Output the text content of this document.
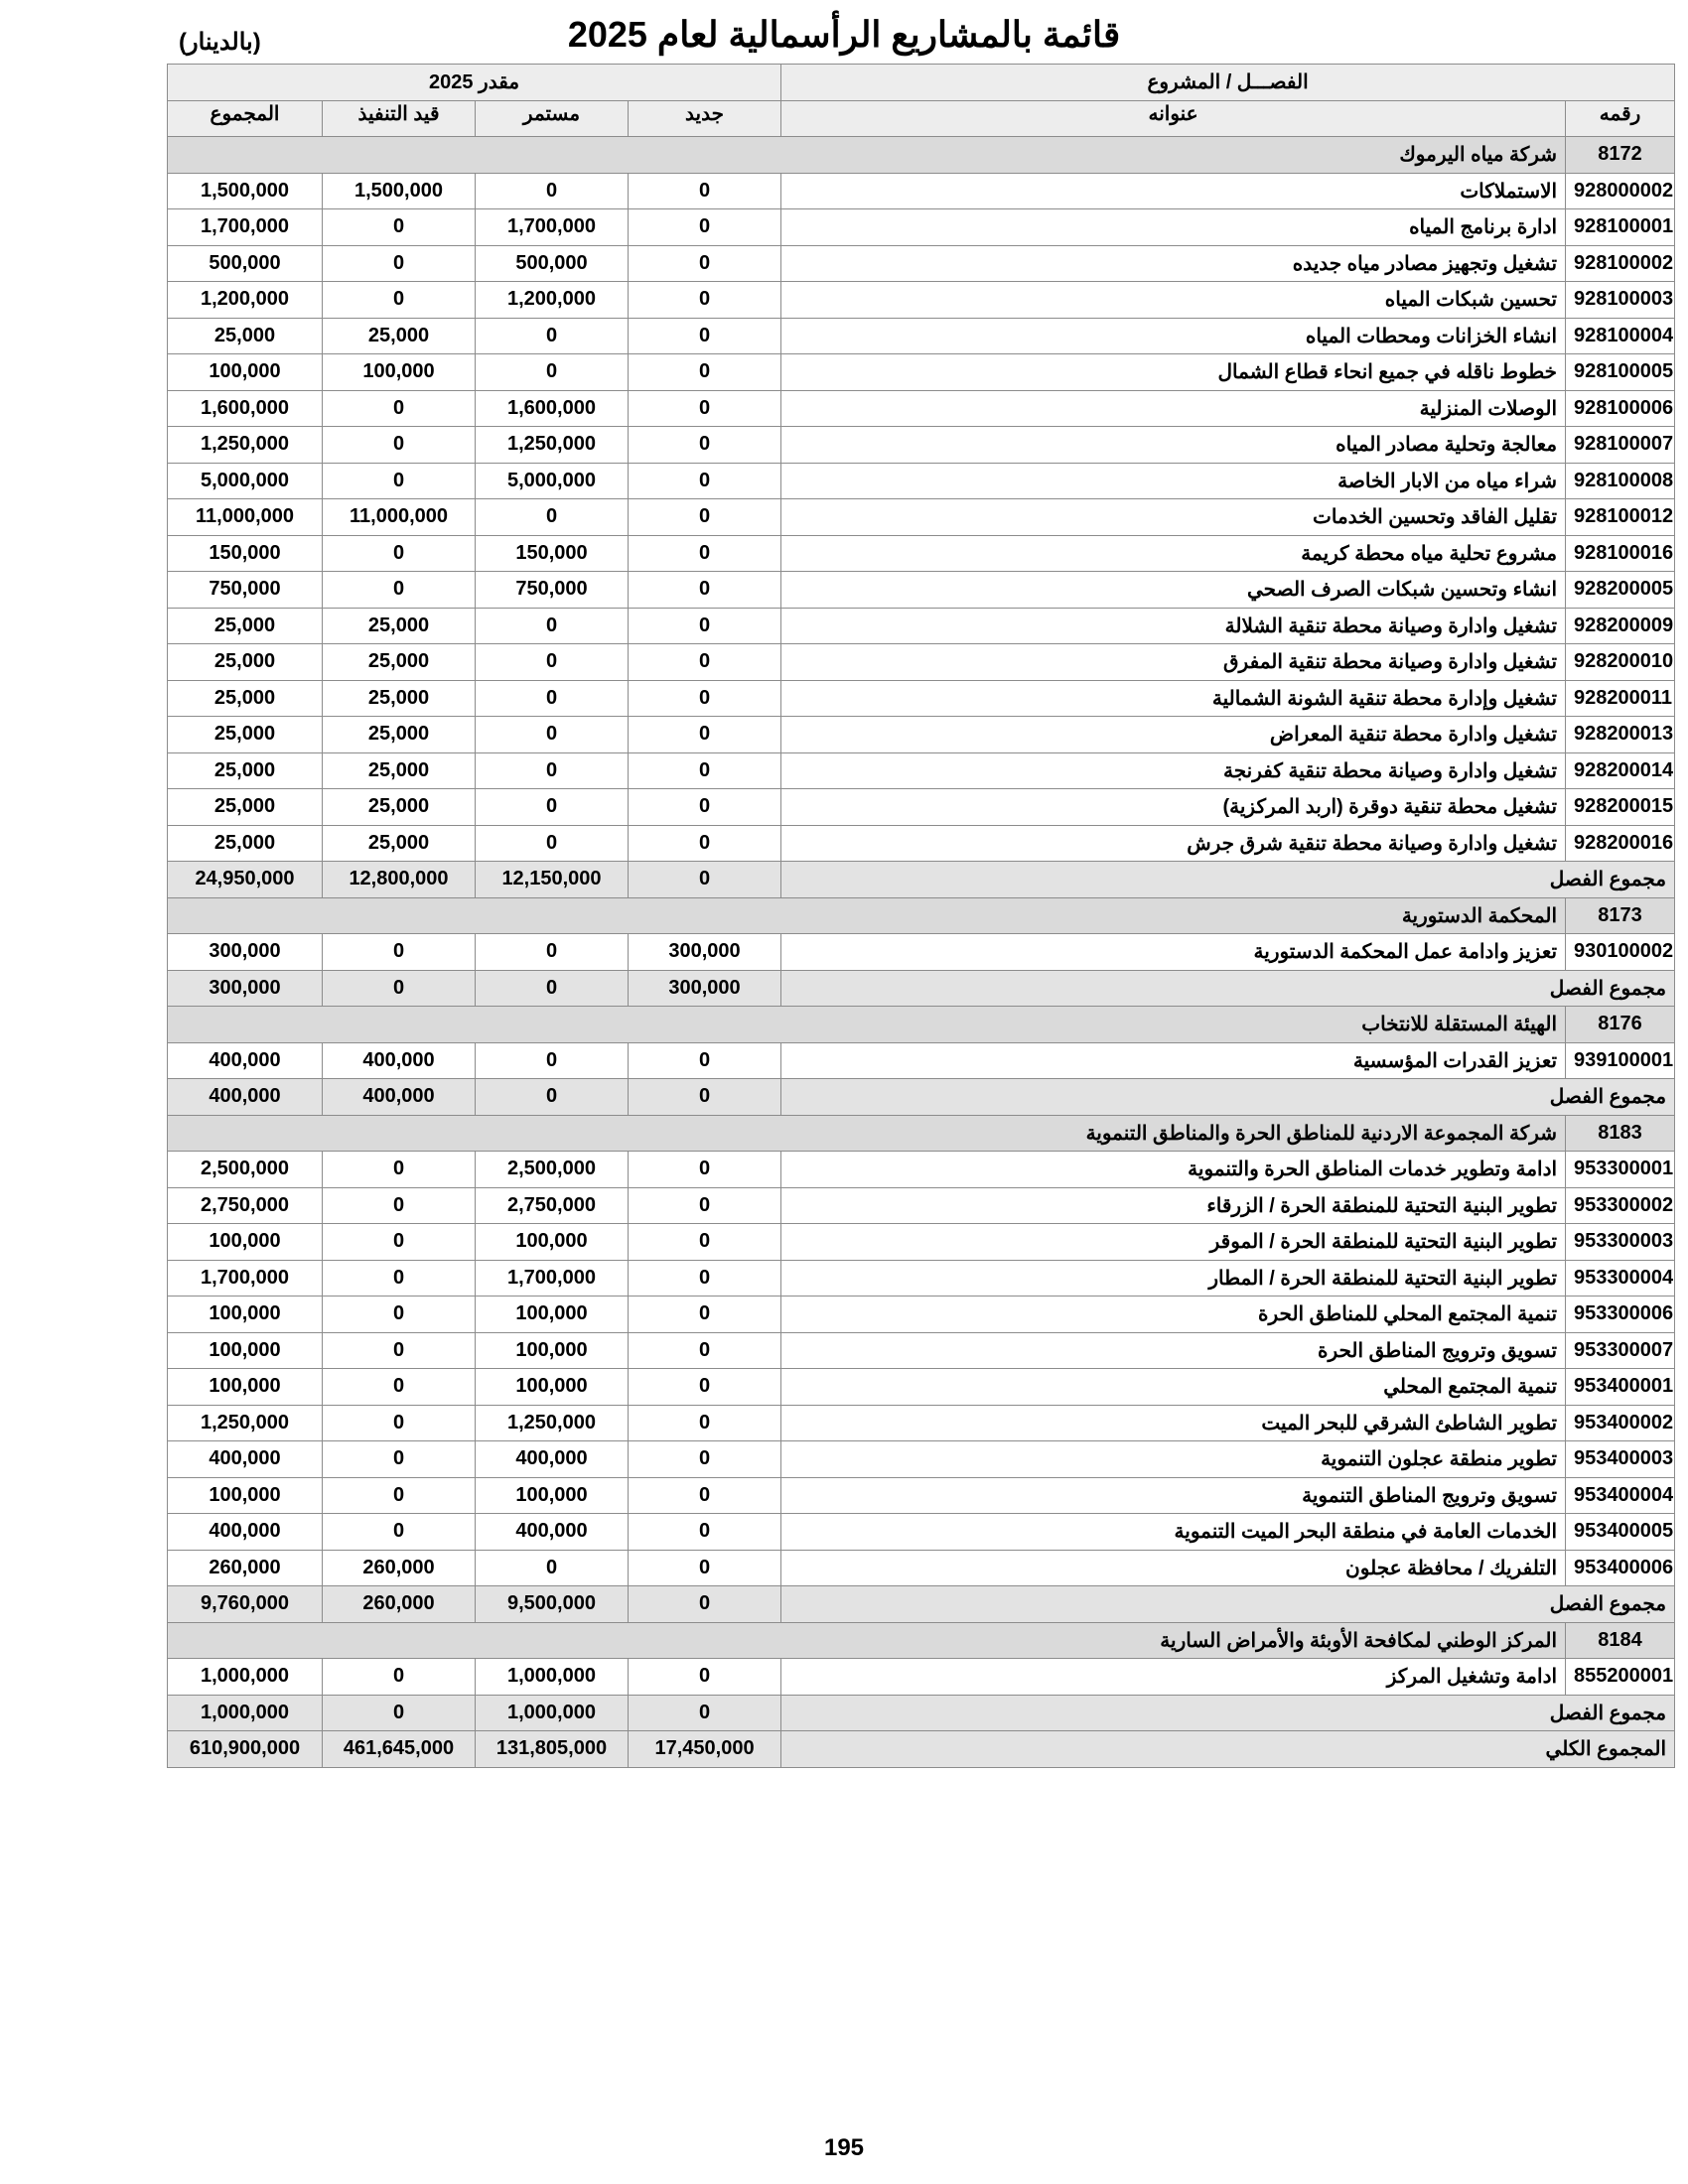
قائمة بالمشاريع الرأسمالية لعام 2025
(بالدينار)
مقدر 2025				الفصـــل / المشروع	
المجموع	قيد التنفيذ	مستمر	جديد	عنوانه	رقمه
شركة مياه اليرموك					8172
1,500,000	1,500,000	0	0	الاستملاكات	928000002
1,700,000	0	1,700,000	0	ادارة برنامج المياه	928100001
500,000	0	500,000	0	تشغيل وتجهيز مصادر مياه جديده	928100002
1,200,000	0	1,200,000	0	تحسين شبكات المياه	928100003
25,000	25,000	0	0	انشاء الخزانات ومحطات المياه	928100004
100,000	100,000	0	0	خطوط ناقله في جميع انحاء قطاع الشمال	928100005
1,600,000	0	1,600,000	0	الوصلات المنزلية	928100006
1,250,000	0	1,250,000	0	معالجة وتحلية مصادر المياه	928100007
5,000,000	0	5,000,000	0	شراء مياه من الابار الخاصة	928100008
11,000,000	11,000,000	0	0	تقليل الفاقد وتحسين الخدمات	928100012
150,000	0	150,000	0	مشروع تحلية مياه محطة كريمة	928100016
750,000	0	750,000	0	انشاء وتحسين شبكات الصرف الصحي	928200005
25,000	25,000	0	0	تشغيل وادارة وصيانة محطة تنقية الشلالة	928200009
25,000	25,000	0	0	تشغيل وادارة وصيانة محطة تنقية المفرق	928200010
25,000	25,000	0	0	تشغيل وإدارة محطة تنقية الشونة الشمالية	928200011
25,000	25,000	0	0	تشغيل وادارة محطة تنقية المعراض	928200013
25,000	25,000	0	0	تشغيل وادارة وصيانة محطة تنقية كفرنجة	928200014
25,000	25,000	0	0	تشغيل محطة تنقية دوقرة (اربد المركزية)	928200015
25,000	25,000	0	0	تشغيل وادارة وصيانة محطة تنقية شرق جرش	928200016
24,950,000	12,800,000	12,150,000	0	مجموع الفصل	
المحكمة الدستورية					8173
300,000	0	0	300,000	تعزيز وادامة عمل المحكمة الدستورية	930100002
300,000	0	0	300,000	مجموع الفصل	
الهيئة المستقلة للانتخاب					8176
400,000	400,000	0	0	تعزيز القدرات المؤسسية	939100001
400,000	400,000	0	0	مجموع الفصل	
شركة المجموعة الاردنية للمناطق الحرة والمناطق التنموية					8183
2,500,000	0	2,500,000	0	ادامة وتطوير خدمات المناطق الحرة والتنموية	953300001
2,750,000	0	2,750,000	0	تطوير البنية التحتية للمنطقة الحرة / الزرقاء	953300002
100,000	0	100,000	0	تطوير البنية التحتية للمنطقة الحرة / الموقر	953300003
1,700,000	0	1,700,000	0	تطوير البنية التحتية للمنطقة الحرة / المطار	953300004
100,000	0	100,000	0	تنمية المجتمع المحلي للمناطق الحرة	953300006
100,000	0	100,000	0	تسويق وترويج المناطق الحرة	953300007
100,000	0	100,000	0	تنمية المجتمع المحلي	953400001
1,250,000	0	1,250,000	0	تطوير الشاطئ الشرقي للبحر الميت	953400002
400,000	0	400,000	0	تطوير منطقة عجلون التنموية	953400003
100,000	0	100,000	0	تسويق وترويج المناطق التنموية	953400004
400,000	0	400,000	0	الخدمات العامة في منطقة البحر الميت التنموية	953400005
260,000	260,000	0	0	التلفريك / محافظة عجلون	953400006
9,760,000	260,000	9,500,000	0	مجموع الفصل	
المركز الوطني لمكافحة الأوبئة والأمراض السارية					8184
1,000,000	0	1,000,000	0	ادامة وتشغيل المركز	855200001
1,000,000	0	1,000,000	0	مجموع الفصل	
610,900,000	461,645,000	131,805,000	17,450,000	المجموع الكلي	
195
